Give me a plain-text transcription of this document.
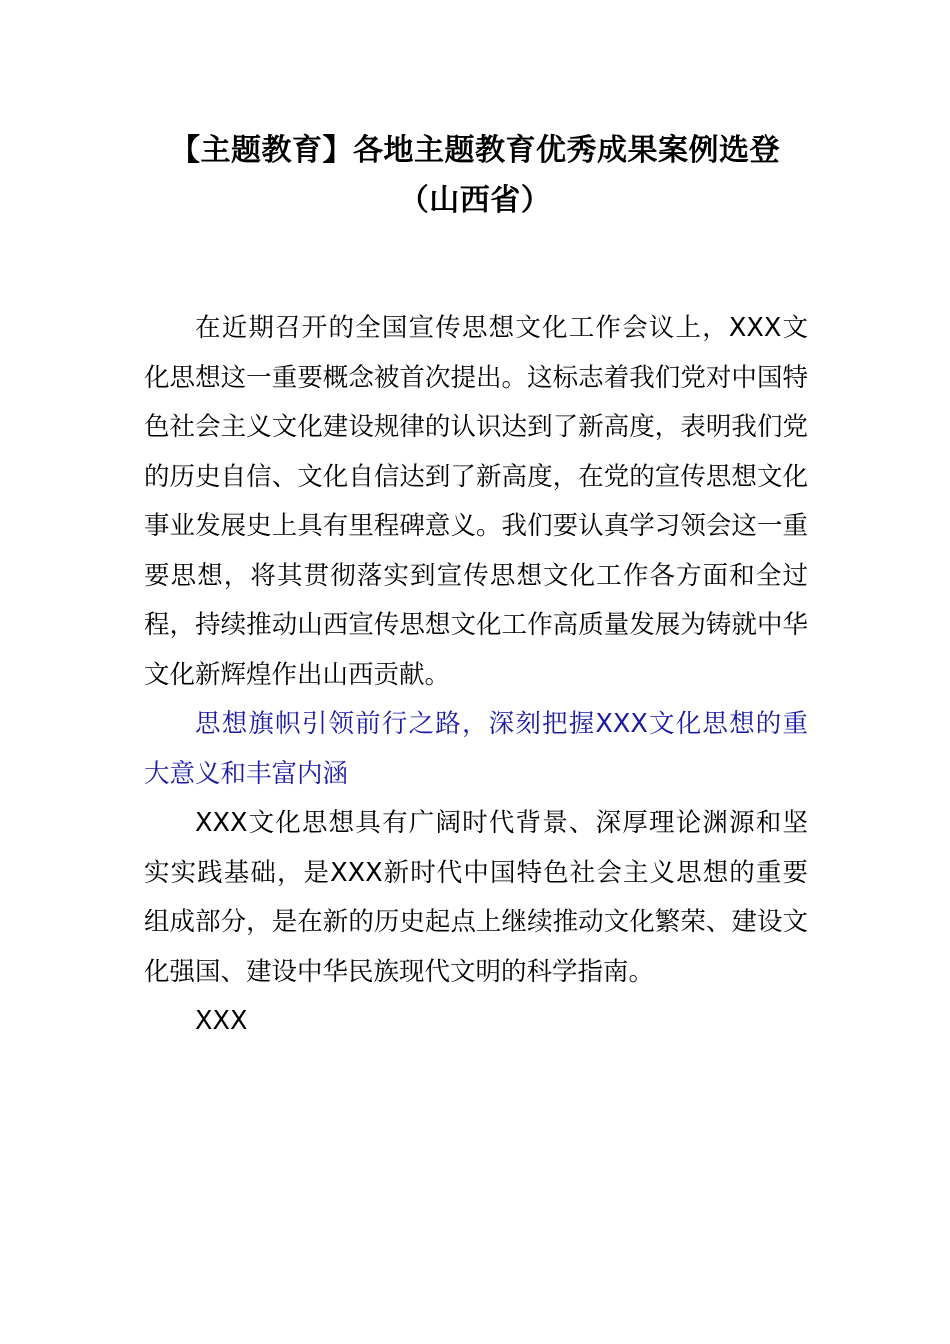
【主题教育】各地主题教育优秀成果案例选登
（山西省）

在近期召开的全国宣传思想文化工作会议上，XXX文化思想这一重要概念被首次提出。这标志着我们党对中国特色社会主义文化建设规律的认识达到了新高度，表明我们党的历史自信、文化自信达到了新高度，在党的宣传思想文化事业发展史上具有里程碑意义。我们要认真学习领会这一重要思想，将其贯彻落实到宣传思想文化工作各方面和全过程，持续推动山西宣传思想文化工作高质量发展为铸就中华文化新辉煌作出山西贡献。

思想旗帜引领前行之路，深刻把握XXX文化思想的重大意义和丰富内涵

XXX文化思想具有广阔时代背景、深厚理论渊源和坚实实践基础，是XXX新时代中国特色社会主义思想的重要组成部分，是在新的历史起点上继续推动文化繁荣、建设文化强国、建设中华民族现代文明的科学指南。

XXX
